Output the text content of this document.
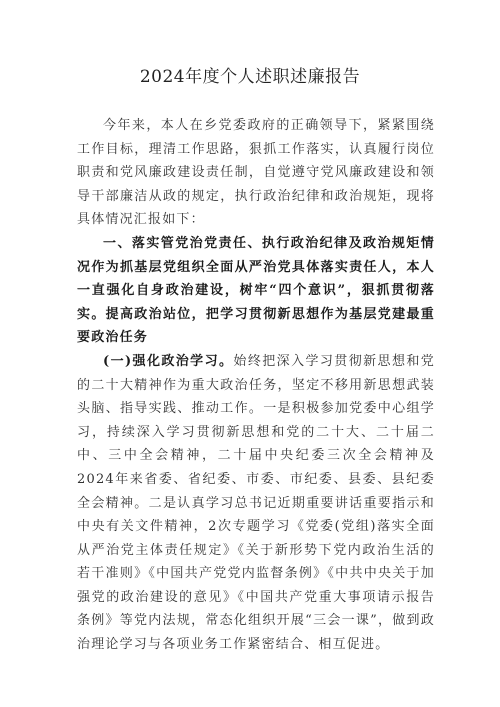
2024年度个人述职述廉报告

今年来，本人在乡党委政府的正确领导下，紧紧围绕工作目标，理清工作思路，狠抓工作落实，认真履行岗位职责和党风廉政建设责任制，自觉遵守党风廉政建设和领导干部廉洁从政的规定，执行政治纪律和政治规矩，现将具体情况汇报如下：

一、落实管党治党责任、执行政治纪律及政治规矩情况作为抓基层党组织全面从严治党具体落实责任人，本人一直强化自身政治建设，树牢“四个意识”，狠抓贯彻落实。提高政治站位，把学习贯彻新思想作为基层党建最重要政治任务

(一)强化政治学习。始终把深入学习贯彻新思想和党的二十大精神作为重大政治任务，坚定不移用新思想武装头脑、指导实践、推动工作。一是积极参加党委中心组学习，持续深入学习贯彻新思想和党的二十大、二十届二中、三中全会精神，二十届中央纪委三次全会精神及2024年来省委、省纪委、市委、市纪委、县委、县纪委全会精神。二是认真学习总书记近期重要讲话重要指示和中央有关文件精神，2次专题学习《党委(党组)落实全面从严治党主体责任规定》《关于新形势下党内政治生活的若干准则》《中国共产党党内监督条例》《中共中央关于加强党的政治建设的意见》《中国共产党重大事项请示报告条例》等党内法规，常态化组织开展“三会一课”，做到政治理论学习与各项业务工作紧密结合、相互促进。
